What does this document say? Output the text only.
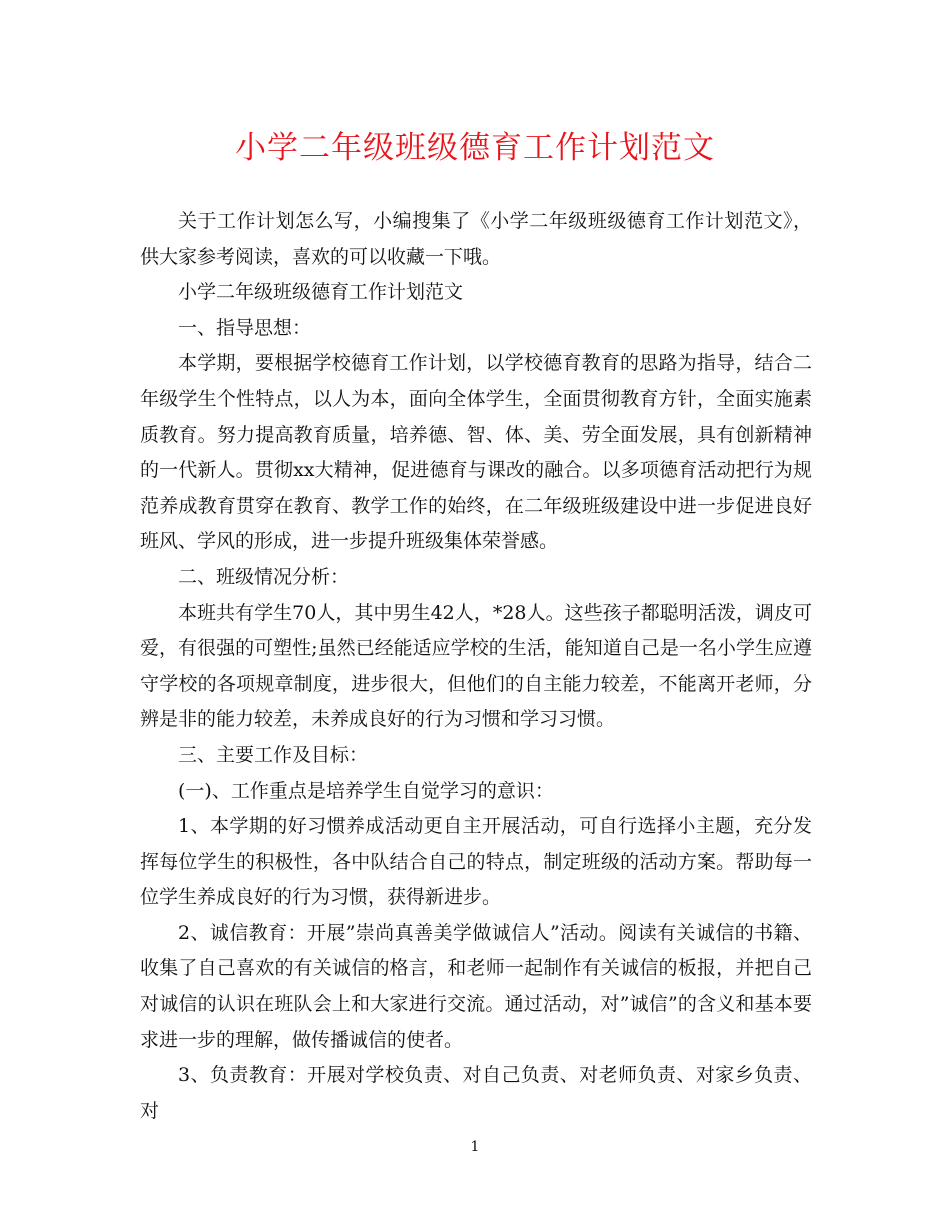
小学二年级班级德育工作计划范文

关于工作计划怎么写，小编搜集了《小学二年级班级德育工作计划范文》，供大家参考阅读，喜欢的可以收藏一下哦。

小学二年级班级德育工作计划范文

一、指导思想：

本学期，要根据学校德育工作计划，以学校德育教育的思路为指导，结合二年级学生个性特点，以人为本，面向全体学生，全面贯彻教育方针，全面实施素质教育。努力提高教育质量，培养德、智、体、美、劳全面发展，具有创新精神的一代新人。贯彻xx大精神，促进德育与课改的融合。以多项德育活动把行为规范养成教育贯穿在教育、教学工作的始终，在二年级班级建设中进一步促进良好班风、学风的形成，进一步提升班级集体荣誉感。

二、班级情况分析：

本班共有学生70人，其中男生42人，*28人。这些孩子都聪明活泼，调皮可爱，有很强的可塑性;虽然已经能适应学校的生活，能知道自己是一名小学生应遵守学校的各项规章制度，进步很大，但他们的自主能力较差，不能离开老师，分辨是非的能力较差，未养成良好的行为习惯和学习习惯。

三、主要工作及目标：

(一)、工作重点是培养学生自觉学习的意识：

1、本学期的好习惯养成活动更自主开展活动，可自行选择小主题，充分发挥每位学生的积极性，各中队结合自己的特点，制定班级的活动方案。帮助每一位学生养成良好的行为习惯，获得新进步。

2、诚信教育：开展”崇尚真善美学做诚信人”活动。阅读有关诚信的书籍、收集了自己喜欢的有关诚信的格言，和老师一起制作有关诚信的板报，并把自己对诚信的认识在班队会上和大家进行交流。通过活动，对”诚信”的含义和基本要求进一步的理解，做传播诚信的使者。

3、负责教育：开展对学校负责、对自己负责、对老师负责、对家乡负责、对

1
